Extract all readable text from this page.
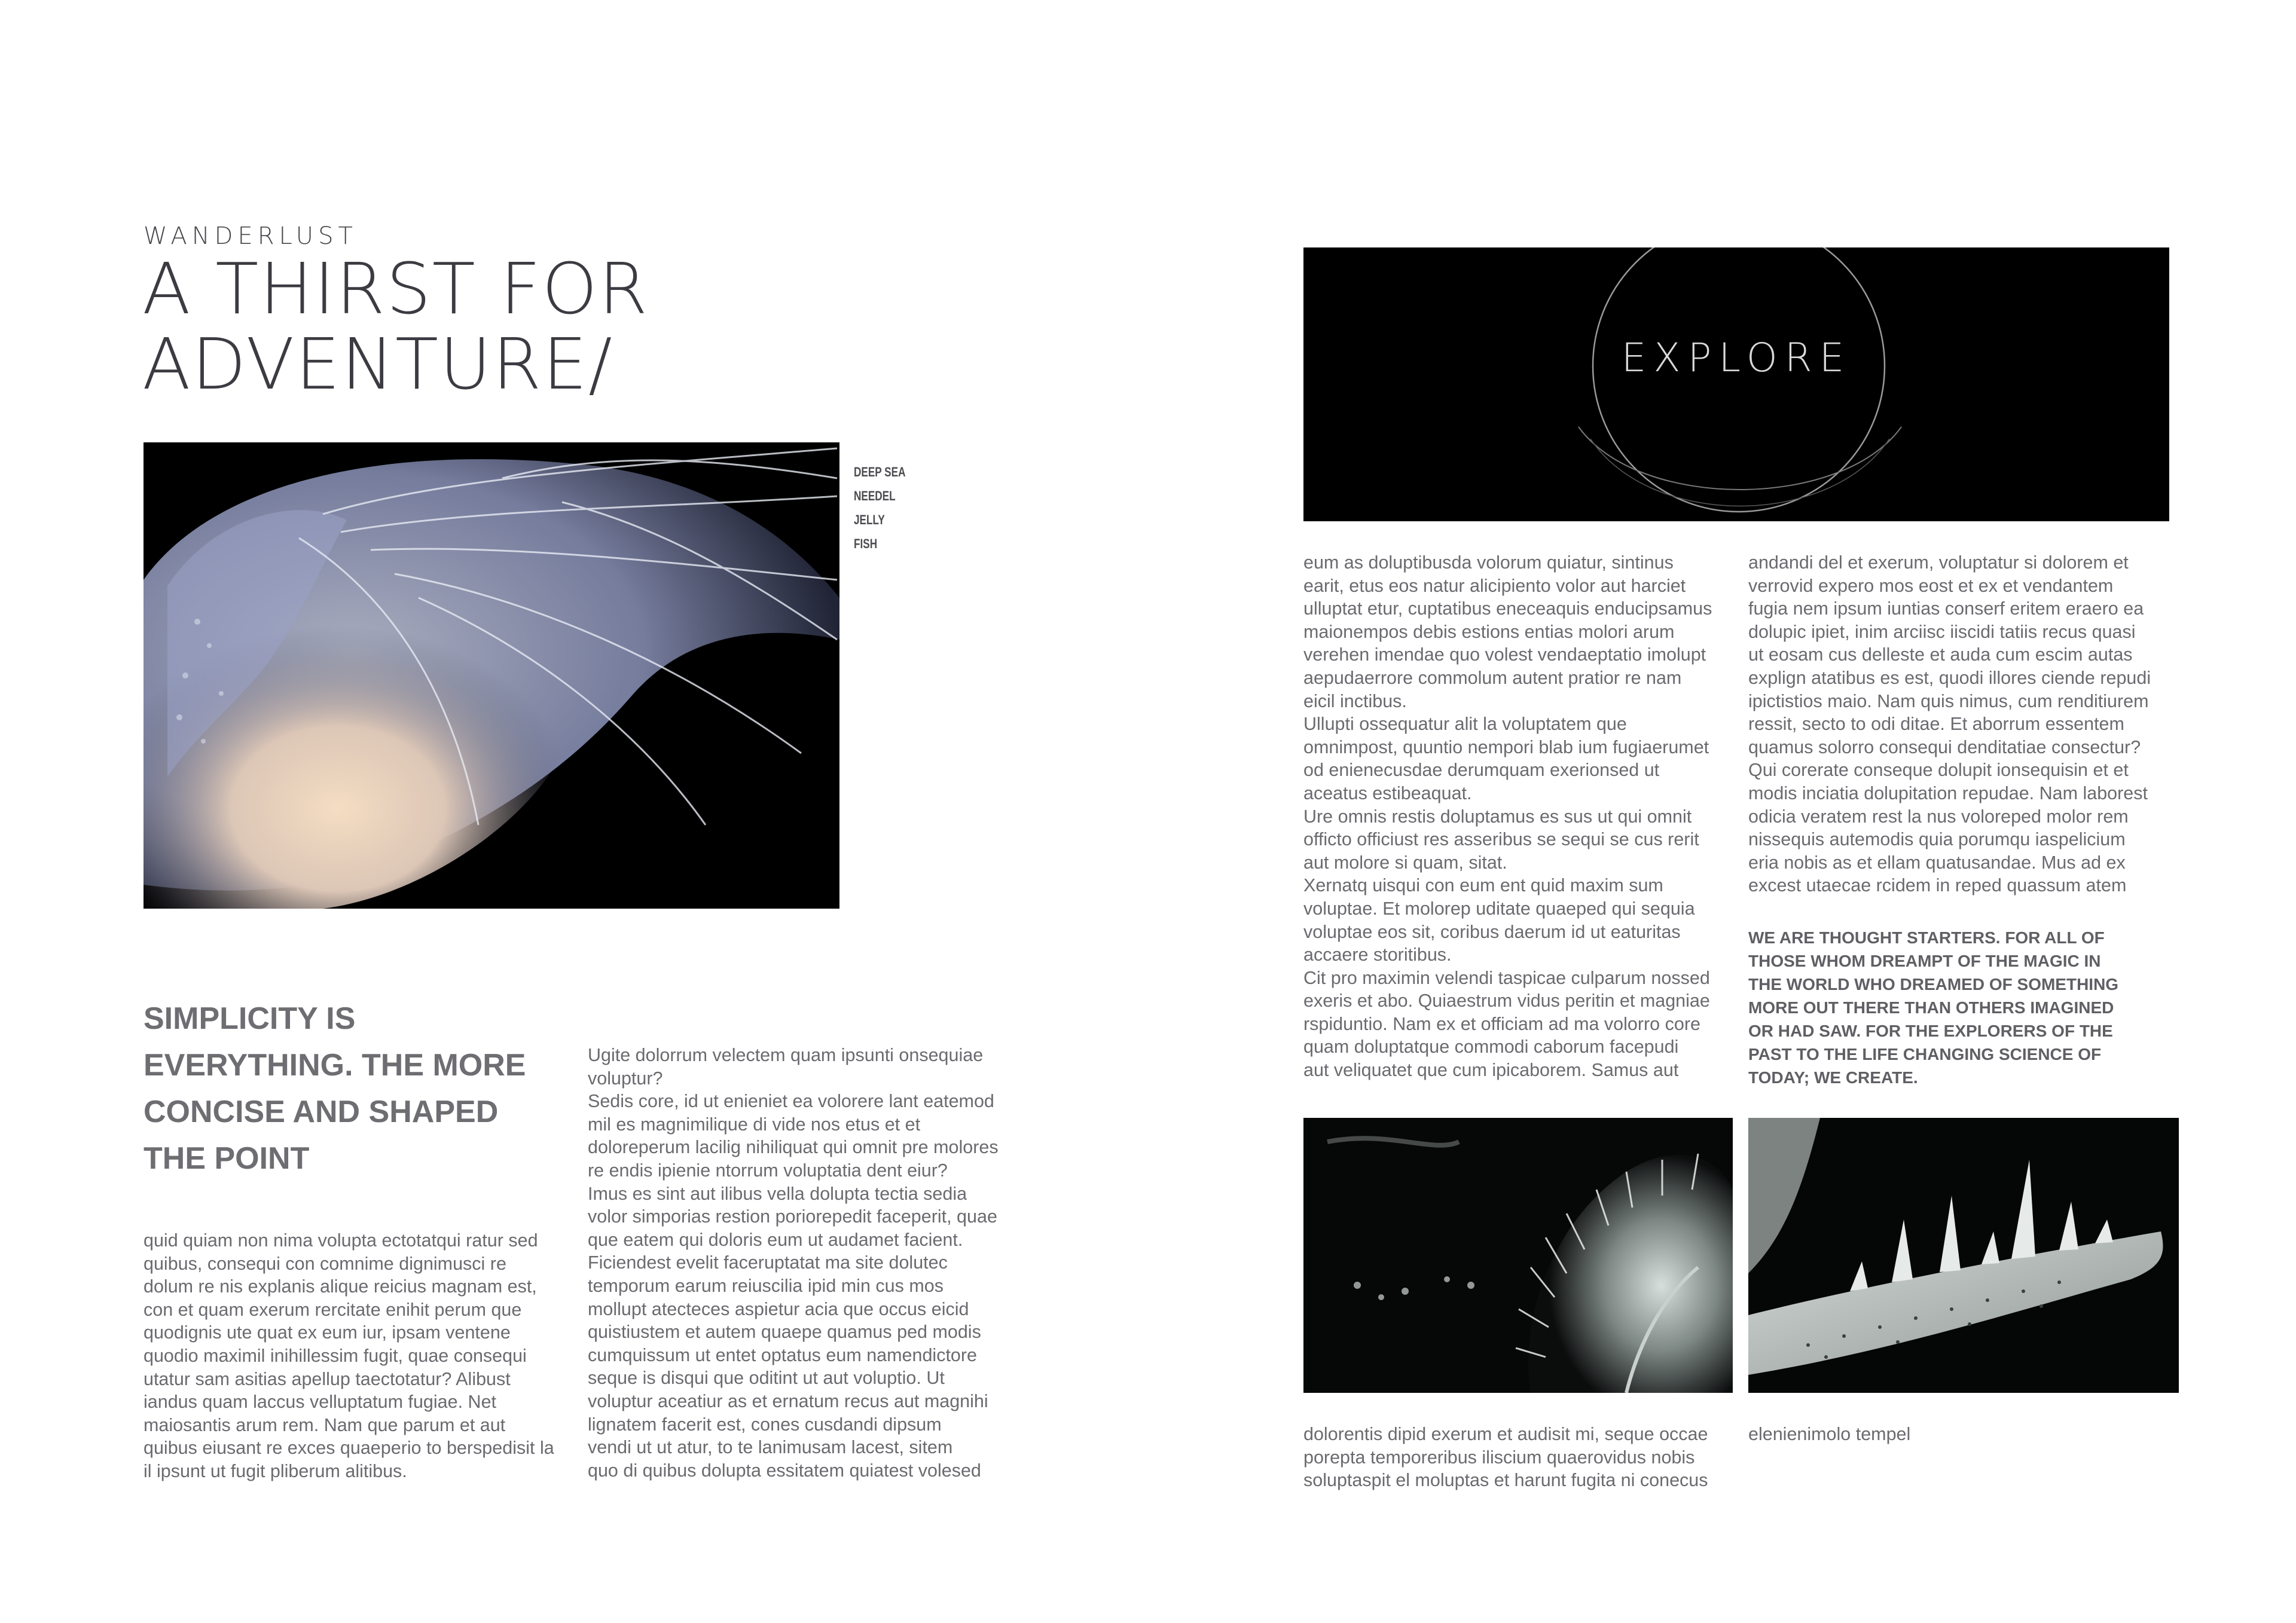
WANDERLUST
A THIRST FOR
ADVENTURE/
DEEP SEA
NEEDEL
JELLY FISH
SIMPLICITY IS EVERYTHING. THE MORE CONCISE AND SHAPED THE POINT
quid quiam non nima volupta ectotatqui ratur sed
quibus, consequi con comnime dignimusci re
dolum re nis explanis alique reicius magnam est,
con et quam exerum rercitate enihit perum que
quodignis ute quat ex eum iur, ipsam ventene
quodio maximil inihillessim fugit, quae consequi
utatur sam asitias apellup taectotatur? Alibust
iandus quam laccus velluptatum fugiae. Net
maiosantis arum rem. Nam que parum et aut
quibus eiusant re exces quaeperio to berspedisit la
il ipsunt ut fugit pliberum alitibus.
Ugite dolorrum velectem quam ipsunti onsequiae
voluptur?
Sedis core, id ut enieniet ea volorere lant eatemod
mil es magnimilique di vide nos etus et et
doloreperum lacilig nihiliquat qui omnit pre molores
re endis ipienie ntorrum voluptatia dent eiur?
Imus es sint aut ilibus vella dolupta tectia sedia
volor simporias restion poriorepedit faceperit, quae
que eatem qui doloris eum ut audamet facient.
Ficiendest evelit faceruptatat ma site dolutec
temporum earum reiuscilia ipid min cus mos
mollupt atecteces aspietur acia que occus eicid
quistiustem et autem quaepe quamus ped modis
cumquissum ut entet optatus eum namendictore
seque is disqui que oditint ut aut voluptio. Ut
voluptur aceatiur as et ernatum recus aut magnihi
lignatem facerit est, cones cusdandi dipsum
vendi ut ut atur, to te lanimusam lacest, sitem
quo di quibus dolupta essitatem quiatest volesed
EXPLORE
eum as doluptibusda volorum quiatur, sintinus
earit, etus eos natur alicipiento volor aut harciet
ulluptat etur, cuptatibus eneceaquis enducipsamus
maionempos debis estions entias molori arum
verehen imendae quo volest vendaeptatio imolupt
aepudaerrore commolum autent pratior re nam
eicil inctibus.
Ullupti ossequatur alit la voluptatem que
omnimpost, quuntio nempori blab ium fugiaerumet
od enienecusdae derumquam exerionsed ut
aceatus estibeaquat.
Ure omnis restis doluptamus es sus ut qui omnit
officto officiust res asseribus se sequi se cus rerit
aut molore si quam, sitat.
Xernatq uisqui con eum ent quid maxim sum
voluptae. Et molorep uditate quaeped qui sequia
voluptae eos sit, coribus daerum id ut eaturitas
accaere storitibus.
Cit pro maximin velendi taspicae culparum nossed
exeris et abo. Quiaestrum vidus peritin et magniae
rspiduntio. Nam ex et officiam ad ma volorro core
quam doluptatque commodi caborum facepudi
aut veliquatet que cum ipicaborem. Samus aut
andandi del et exerum, voluptatur si dolorem et
verrovid expero mos eost et ex et vendantem
fugia nem ipsum iuntias conserf eritem eraero ea
dolupic ipiet, inim arciisc iiscidi tatiis recus quasi
ut eosam cus delleste et auda cum escim autas
explign atatibus es est, quodi illores ciende repudi
ipictistios maio. Nam quis nimus, cum renditiurem
ressit, secto to odi ditae. Et aborrum essentem
quamus solorro consequi denditatiae consectur?
Qui corerate conseque dolupit ionsequisin et et
modis inciatia dolupitation repudae. Nam laborest
odicia veratem rest la nus voloreped molor rem
nissequis autemodis quia porumqu iaspelicium
eria nobis as et ellam quatusandae. Mus ad ex
excest utaecae rcidem in reped quassum atem
WE ARE THOUGHT STARTERS. FOR ALL OF
THOSE WHOM DREAMPT OF THE MAGIC IN
THE WORLD WHO DREAMED OF SOMETHING
MORE OUT THERE THAN OTHERS IMAGINED
OR HAD SAW. FOR THE EXPLORERS OF THE
PAST TO THE LIFE CHANGING SCIENCE OF
TODAY; WE CREATE.
dolorentis dipid exerum et audisit mi, seque occae
porepta temporeribus iliscium quaerovidus nobis
soluptaspit el moluptas et harunt fugita ni conecus
elenienimolo tempel
